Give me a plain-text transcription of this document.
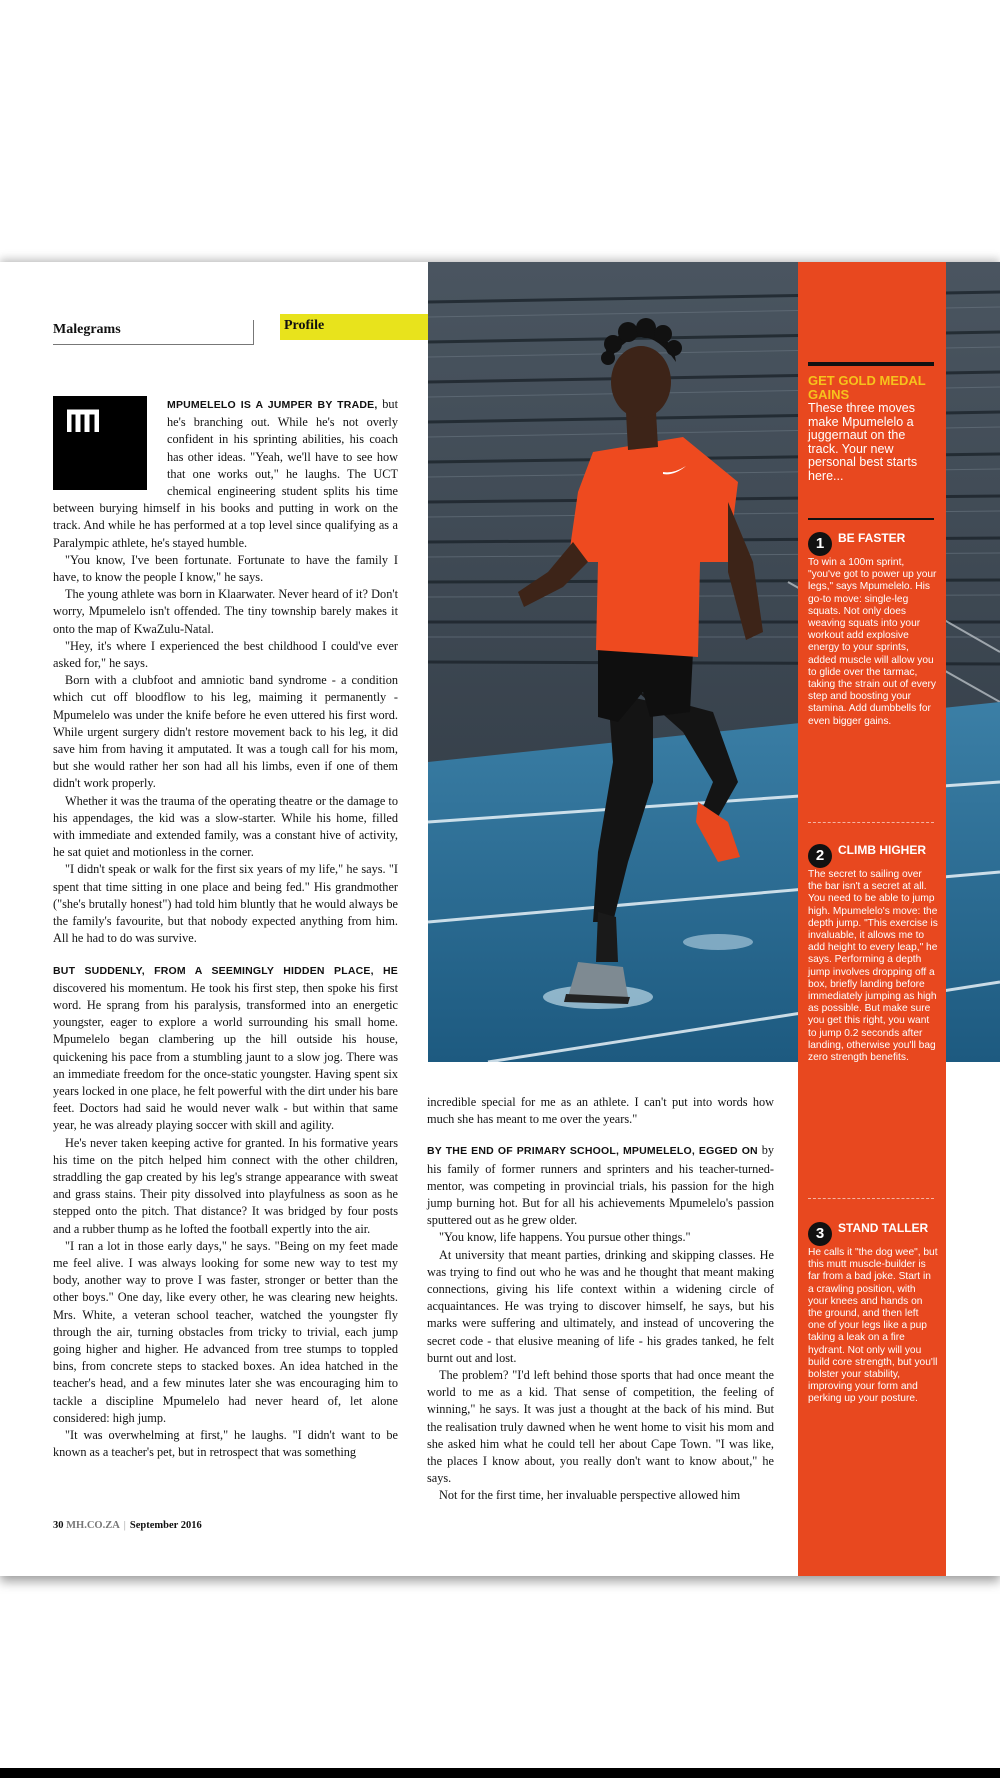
Malegrams	Profile

MPUMELELO IS A JUMPER BY TRADE, but he's branching out. While he's not overly confident in his sprinting abilities, his coach has other ideas. "Yeah, we'll have to see how that one works out," he laughs. The UCT chemical engineering student splits his time between burying himself in his books and putting in work on the track. And while he has performed at a top level since qualifying as a Paralympic athlete, he's stayed humble.

"You know, I've been fortunate. Fortunate to have the family I have, to know the people I know," he says.

The young athlete was born in Klaarwater. Never heard of it? Don't worry, Mpumelelo isn't offended. The tiny township barely makes it onto the map of KwaZulu-Natal.

"Hey, it's where I experienced the best childhood I could've ever asked for," he says.

Born with a clubfoot and amniotic band syndrome - a condition which cut off bloodflow to his leg, maiming it permanently - Mpumelelo was under the knife before he even uttered his first word. While urgent surgery didn't restore movement back to his leg, it did save him from having it amputated. It was a tough call for his mom, but she would rather her son had all his limbs, even if one of them didn't work properly.

Whether it was the trauma of the operating theatre or the damage to his appendages, the kid was a slow-starter. While his home, filled with immediate and extended family, was a constant hive of activity, he sat quiet and motionless in the corner.

"I didn't speak or walk for the first six years of my life," he says. "I spent that time sitting in one place and being fed." His grandmother ("she's brutally honest") had told him bluntly that he would always be the family's favourite, but that nobody expected anything from him. All he had to do was survive.

BUT SUDDENLY, FROM A SEEMINGLY HIDDEN PLACE, HE discovered his momentum. He took his first step, then spoke his first word. He sprang from his paralysis, transformed into an energetic youngster, eager to explore a world surrounding his small home. Mpumelelo began clambering up the hill outside his house, quickening his pace from a stumbling jaunt to a slow jog. There was an immediate freedom for the once-static youngster. Having spent six years locked in one place, he felt powerful with the dirt under his bare feet. Doctors had said he would never walk - but within that same year, he was already playing soccer with skill and agility.

He's never taken keeping active for granted. In his formative years his time on the pitch helped him connect with the other children, straddling the gap created by his leg's strange appearance with sweat and grass stains. Their pity dissolved into playfulness as soon as he stepped onto the pitch. That distance? It was bridged by four posts and a rubber thump as he lofted the football expertly into the air.

"I ran a lot in those early days," he says. "Being on my feet made me feel alive. I was always looking for some new way to test my body, another way to prove I was faster, stronger or better than the other boys." One day, like every other, he was clearing new heights. Mrs. White, a veteran school teacher, watched the youngster fly through the air, turning obstacles from tricky to trivial, each jump going higher and higher. He advanced from tree stumps to toppled bins, from concrete steps to stacked boxes. An idea hatched in the teacher's head, and a few minutes later she was encouraging him to tackle a discipline Mpumelelo had never heard of, let alone considered: high jump.

"It was overwhelming at first," he laughs. "I didn't want to be known as a teacher's pet, but in retrospect that was something

incredible special for me as an athlete. I can't put into words how much she has meant to me over the years."

BY THE END OF PRIMARY SCHOOL, MPUMELELO, EGGED ON by his family of former runners and sprinters and his teacher-turned-mentor, was competing in provincial trials, his passion for the high jump burning hot. But for all his achievements Mpumelelo's passion sputtered out as he grew older.

"You know, life happens. You pursue other things."

At university that meant parties, drinking and skipping classes. He was trying to find out who he was and he thought that meant making connections, giving his life context within a widening circle of acquaintances. He was trying to discover himself, he says, but his marks were suffering and ultimately, and instead of uncovering the secret code - that elusive meaning of life - his grades tanked, he felt burnt out and lost.

The problem? "I'd left behind those sports that had once meant the world to me as a kid. That sense of competition, the feeling of winning," he says. It was just a thought at the back of his mind. But the realisation truly dawned when he went home to visit his mom and she asked him what he could tell her about Cape Town. "I was like, the places I know about, you really don't want to know about," he says.

Not for the first time, her invaluable perspective allowed him

GET GOLD MEDAL GAINS
These three moves make Mpumelelo a juggernaut on the track. Your new personal best starts here...
1	BE FASTER
To win a 100m sprint, "you've got to power up your legs," says Mpumelelo. His go-to move: single-leg squats. Not only does weaving squats into your workout add explosive energy to your sprints, added muscle will allow you to glide over the tarmac, taking the strain out of every step and boosting your stamina. Add dumbbells for even bigger gains.
2	CLIMB HIGHER
The secret to sailing over the bar isn't a secret at all. You need to be able to jump high. Mpumelelo's move: the depth jump. "This exercise is invaluable, it allows me to add height to every leap," he says. Performing a depth jump involves dropping off a box, briefly landing before immediately jumping as high as possible. But make sure you get this right, you want to jump 0.2 seconds after landing, otherwise you'll bag zero strength benefits.
3	STAND TALLER
He calls it "the dog wee", but this mutt muscle-builder is far from a bad joke. Start in a crawling position, with your knees and hands on the ground, and then left one of your legs like a pup taking a leak on a fire hydrant. Not only will you build core strength, but you'll bolster your stability, improving your form and perking up your posture.
30 MH.CO.ZA | September 2016
